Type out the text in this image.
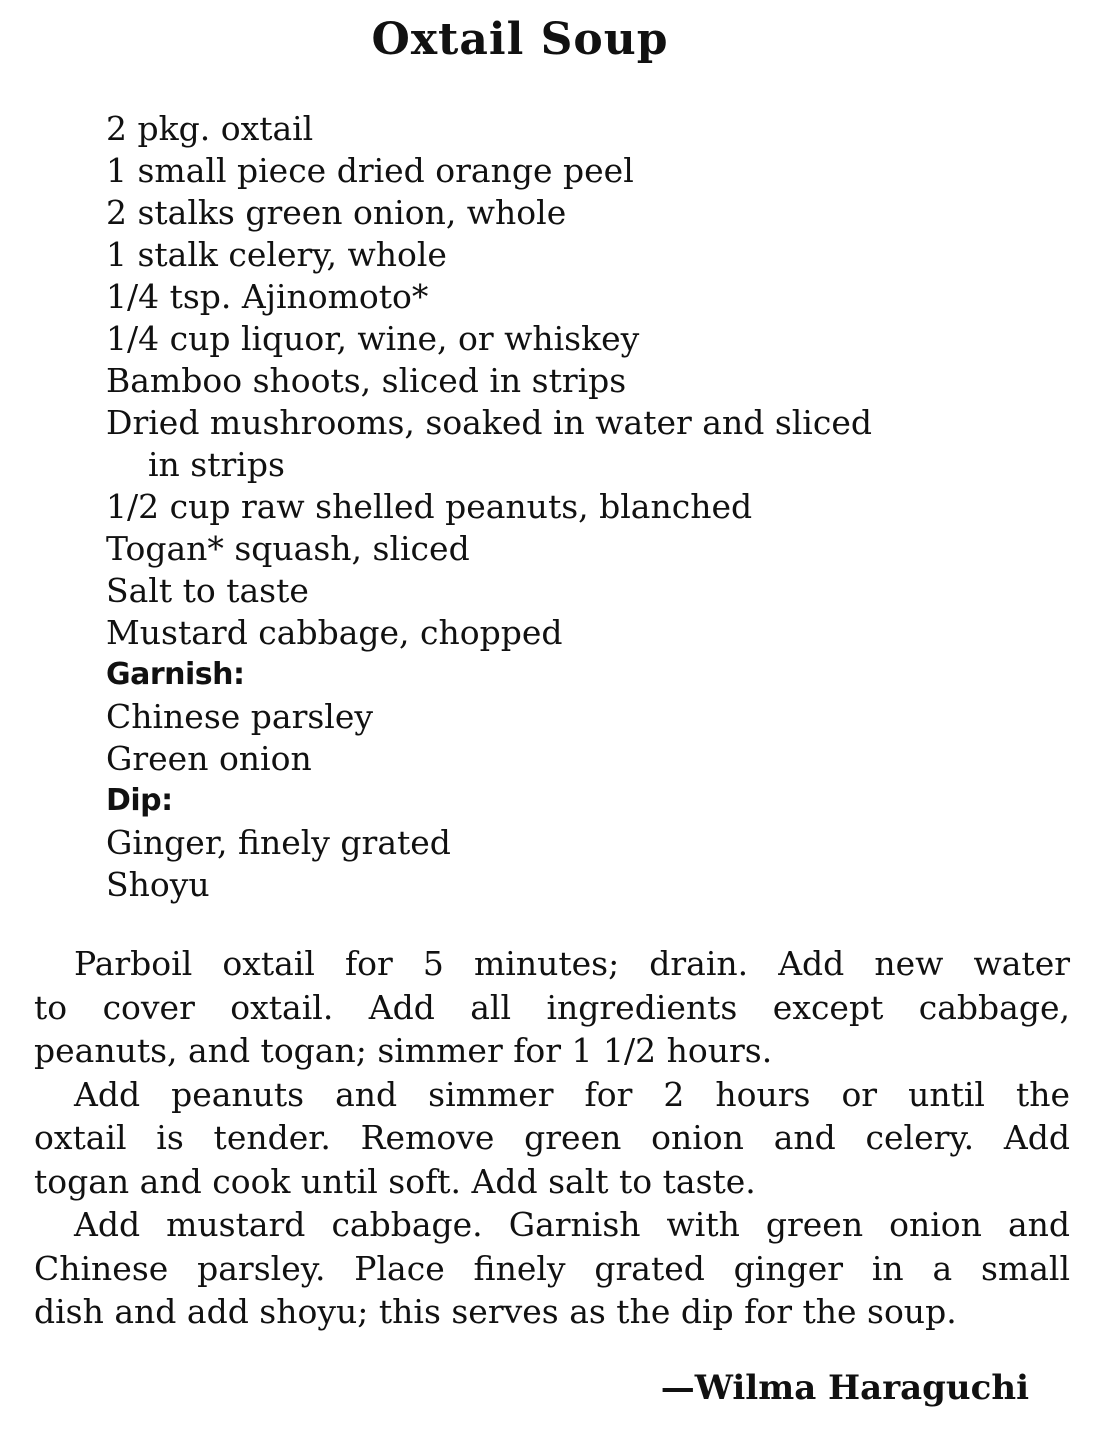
Oxtail Soup
2 pkg. oxtail
1 small piece dried orange peel
2 stalks green onion, whole
1 stalk celery, whole
1/4 tsp. Ajinomoto*
1/4 cup liquor, wine, or whiskey
Bamboo shoots, sliced in strips
Dried mushrooms, soaked in water and sliced
in strips
1/2 cup raw shelled peanuts, blanched
Togan* squash, sliced
Salt to taste
Mustard cabbage, chopped
Garnish:
Chinese parsley
Green onion
Dip:
Ginger, finely grated
Shoyu
Parboil oxtail for 5 minutes; drain. Add new water
to cover oxtail. Add all ingredients except cabbage,
peanuts, and togan; simmer for 1 1/2 hours.
Add peanuts and simmer for 2 hours or until the
oxtail is tender. Remove green onion and celery. Add
togan and cook until soft. Add salt to taste.
Add mustard cabbage. Garnish with green onion and
Chinese parsley. Place finely grated ginger in a small
dish and add shoyu; this serves as the dip for the soup.
—Wilma Haraguchi
